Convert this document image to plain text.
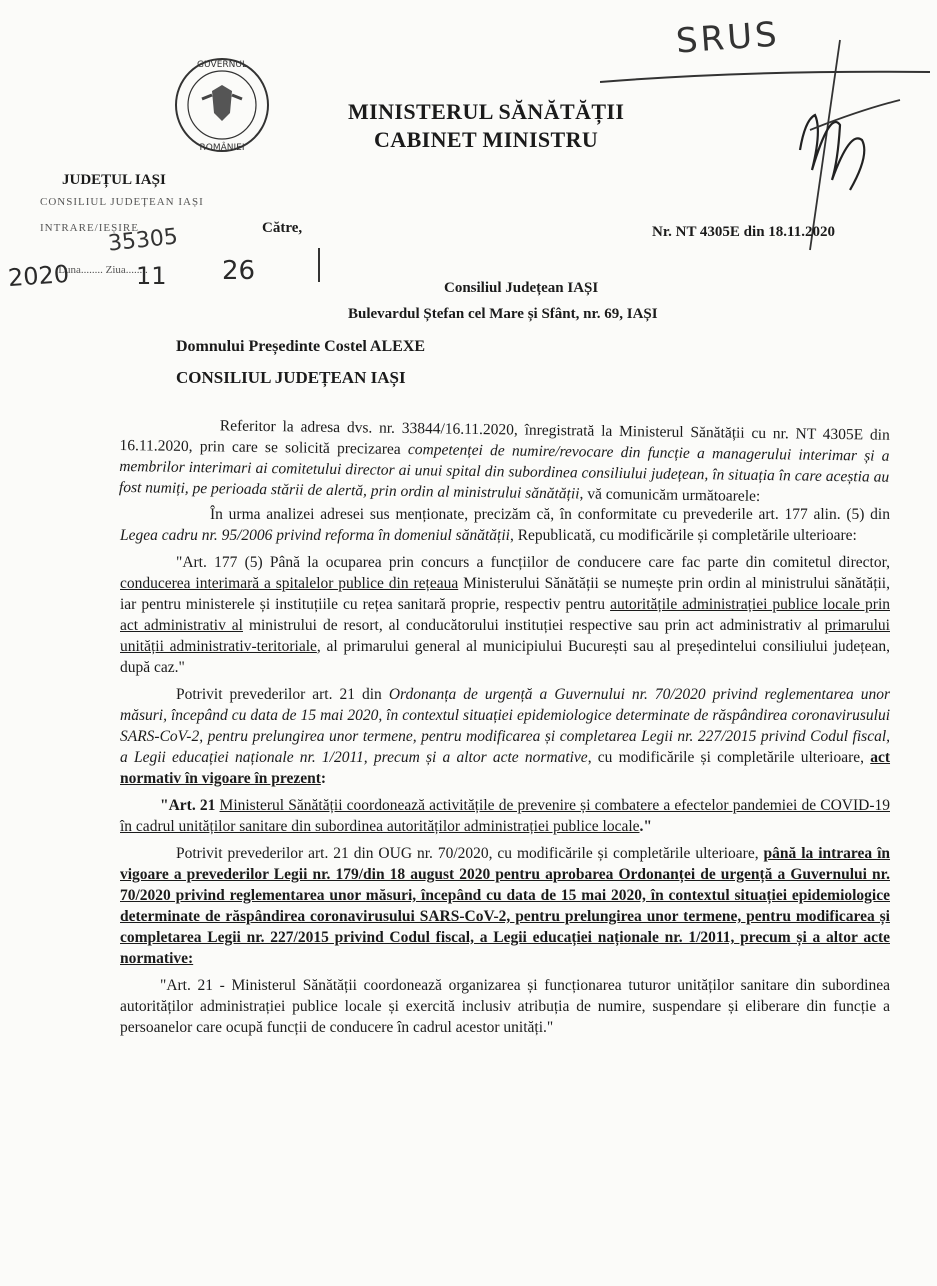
GUVERNUL
ROMÂNIEI
MINISTERUL SĂNĂTĂȚII
CABINET MINISTRU
SRUS
JUDEȚUL IAȘI
CONSILIUL JUDEȚEAN IAȘI
INTRARE/IEȘIRE
35305
Luna........ Ziua........
2020	11 26
Către,	Nr. NT 4305E din 18.11.2020
Consiliul Județean IAȘI
Bulevardul Ștefan cel Mare și Sfânt, nr. 69, IAȘI
Domnului Președinte Costel ALEXE
CONSILIUL JUDEȚEAN IAȘI

Referitor la adresa dvs. nr. 33844/16.11.2020, înregistrată la Ministerul Sănătății cu nr. NT 4305E din 16.11.2020, prin care se solicită precizarea competenței de numire/revocare din funcție a managerului interimar și a membrilor interimari ai comitetului director ai unui spital din subordinea consiliului județean, în situația în care aceștia au fost numiți, pe perioada stării de alertă, prin ordin al ministrului sănătății, vă comunicăm următoarele:

În urma analizei adresei sus menționate, precizăm că, în conformitate cu prevederile art. 177 alin. (5) din Legea cadru nr. 95/2006 privind reforma în domeniul sănătății, Republicată, cu modificările și completările ulterioare:

"Art. 177 (5) Până la ocuparea prin concurs a funcțiilor de conducere care fac parte din comitetul director, conducerea interimară a spitalelor publice din rețeaua Ministerului Sănătății se numește prin ordin al ministrului sănătății, iar pentru ministerele și instituțiile cu rețea sanitară proprie, respectiv pentru autoritățile administrației publice locale prin act administrativ al ministrului de resort, al conducătorului instituției respective sau prin act administrativ al primarului unității administrativ-teritoriale, al primarului general al municipiului București sau al președintelui consiliului județean, după caz."

Potrivit prevederilor art. 21 din Ordonanța de urgență a Guvernului nr. 70/2020 privind reglementarea unor măsuri, începând cu data de 15 mai 2020, în contextul situației epidemiologice determinate de răspândirea coronavirusului SARS-CoV-2, pentru prelungirea unor termene, pentru modificarea și completarea Legii nr. 227/2015 privind Codul fiscal, a Legii educației naționale nr. 1/2011, precum și a altor acte normative, cu modificările și completările ulterioare, act normativ în vigoare în prezent:

"Art. 21 Ministerul Sănătății coordonează activitățile de prevenire și combatere a efectelor pandemiei de COVID-19 în cadrul unităților sanitare din subordinea autorităților administrației publice locale."

Potrivit prevederilor art. 21 din OUG nr. 70/2020, cu modificările și completările ulterioare, până la intrarea în vigoare a prevederilor Legii nr. 179/din 18 august 2020 pentru aprobarea Ordonanței de urgență a Guvernului nr. 70/2020 privind reglementarea unor măsuri, începând cu data de 15 mai 2020, în contextul situației epidemiologice determinate de răspândirea coronavirusului SARS-CoV-2, pentru prelungirea unor termene, pentru modificarea și completarea Legii nr. 227/2015 privind Codul fiscal, a Legii educației naționale nr. 1/2011, precum și a altor acte normative:

"Art. 21 - Ministerul Sănătății coordonează organizarea și funcționarea tuturor unităților sanitare din subordinea autorităților administrației publice locale și exercită inclusiv atribuția de numire, suspendare și eliberare din funcție a persoanelor care ocupă funcții de conducere în cadrul acestor unități."
